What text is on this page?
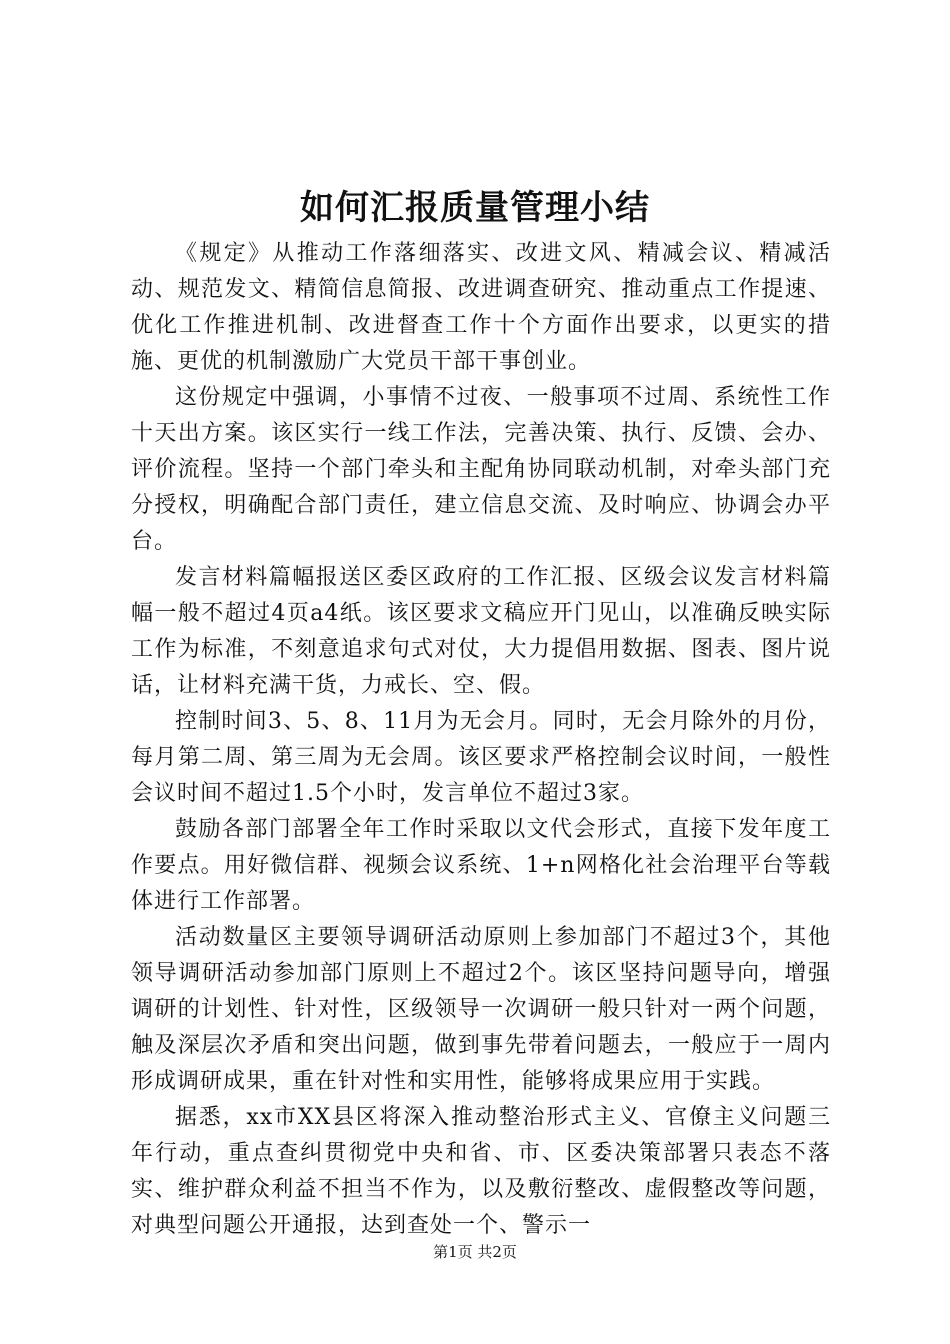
如何汇报质量管理小结

《规定》从推动工作落细落实、改进文风、精减会议、精减活动、规范发文、精简信息简报、改进调查研究、推动重点工作提速、优化工作推进机制、改进督查工作十个方面作出要求，以更实的措施、更优的机制激励广大党员干部干事创业。

这份规定中强调，小事情不过夜、一般事项不过周、系统性工作十天出方案。该区实行一线工作法，完善决策、执行、反馈、会办、评价流程。坚持一个部门牵头和主配角协同联动机制，对牵头部门充分授权，明确配合部门责任，建立信息交流、及时响应、协调会办平台。

发言材料篇幅报送区委区政府的工作汇报、区级会议发言材料篇幅一般不超过4页a4纸。该区要求文稿应开门见山，以准确反映实际工作为标准，不刻意追求句式对仗，大力提倡用数据、图表、图片说话，让材料充满干货，力戒长、空、假。

控制时间3、5、8、11月为无会月。同时，无会月除外的月份，每月第二周、第三周为无会周。该区要求严格控制会议时间，一般性会议时间不超过1.5个小时，发言单位不超过3家。

鼓励各部门部署全年工作时采取以文代会形式，直接下发年度工作要点。用好微信群、视频会议系统、1+n网格化社会治理平台等载体进行工作部署。

活动数量区主要领导调研活动原则上参加部门不超过3个，其他领导调研活动参加部门原则上不超过2个。该区坚持问题导向，增强调研的计划性、针对性，区级领导一次调研一般只针对一两个问题，触及深层次矛盾和突出问题，做到事先带着问题去，一般应于一周内形成调研成果，重在针对性和实用性，能够将成果应用于实践。

据悉，xx市XX县区将深入推动整治形式主义、官僚主义问题三年行动，重点查纠贯彻党中央和省、市、区委决策部署只表态不落实、维护群众利益不担当不作为，以及敷衍整改、虚假整改等问题，对典型问题公开通报，达到查处一个、警示一

第1页 共2页
